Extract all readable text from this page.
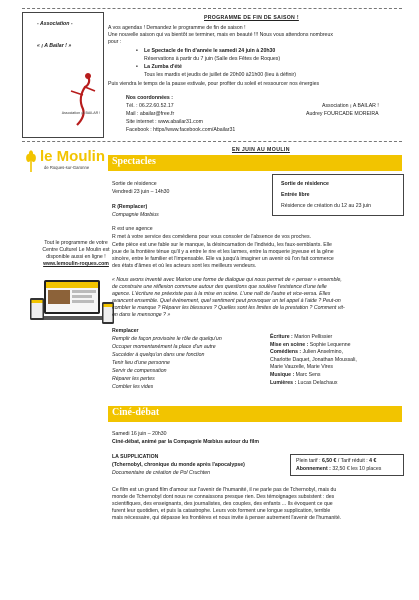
- Association -
« ¡ A Bailar ! »
Association ¡A BAILAR !
PROGRAMME DE FIN DE SAISON !
A vos agendas ! Demandez le programme de fin de saison !
Une nouvelle saison qui va bientôt se terminer, mais en beauté !!! Nous vous attendons nombreux
pour :
• Le Spectacle de fin d'année le samedi 24 juin à 20h30
Réservations à partir du 7 juin (Salle des Fêtes de Roques)
• La Zumba d'été
Tous les mardis et jeudis de juillet de 20h00 à21h00 (lieu à définir)
Puis viendra le temps de la pause estivale, pour profiter du soleil et ressourcer nos énergies
Nos coordonnées :
Tél. : 06.22.60.52.17
Mail : abailar@free.fr
Site internet : www.abailar31.com
Facebook : https//www.facebook.com/Abailar31
Association ¡ A BAILAR !
Audrey FOURCADE MOREIRA
le Moulin
de Roques-sur-Garonne
Tout le programme de votre
Centre Culturel Le Moulin est
disponible aussi en ligne !
www.lemoulin-roques.com
EN JUIN AU MOULIN
Spectacles
Sortie de résidence
Vendredi 23 juin – 14h30
R (Remplacer)
Compagnie Mœbius
Sortie de résidence
Entrée libre
Résidence de création du 12 au 23 juin
R est une agence
R met à votre service des comédiens pour vous consoler de l'absence de vos proches.
Cette pièce est une fable sur le manque, la désincarnation de l'individu, les faux-semblants. Elle
joue de la frontière ténue qu'il y a entre le rire et les larmes, entre la moquerie joyeuse et la gêne
sincère, entre le familier et l'impensable. Elle va jusqu'à imaginer un avenir où l'on fait commerce
des états d'âmes et où les acteurs sont les meilleurs vendeurs.
« Nous avons inventé avec Marion une forme de dialogue qui nous permet de « penser » ensemble,
de construire une réflexion commune autour des questions que soulève l'existence d'une telle
agence. L'écriture ne préexiste pas à la mise en scène. L'une naît de l'autre et vice-versa. Elles
avancent ensemble. Quel événement, quel sentiment peut provoquer un tel appel à l'aide ? Peut-on
combler le manque ? Réparer les blessures ? Quelles sont les limites de la prestation ? Comment vit-
on dans le mensonge ? »
Remplacer
Remplir de façon provisoire le rôle de quelqu'un
Occuper momentanément la place d'un autre
Succéder à quelqu'un dans une fonction
Tenir lieu d'une personne
Servir de compensation
Réparer les pertes
Combler les vides
Écriture : Marion Pellissier
Mise en scène : Sophie Lequenne
Comédiens : Julien Anselmino,
Charlotte Daquet, Jonathan Moussali,
Marie Vauzelle, Marie Vires
Musique : Marc Sens
Lumières : Lucas Delachaux
Ciné-débat
Samedi 16 juin – 20h30
Ciné-débat, animé par la Compagnie Mœbius autour du film
LA SUPPLICATION
(Tchernobyl, chronique du monde après l'apocalypse)
Documentaire de création de Pol Cruchten
Plein tarif : 6,50 € / Tarif réduit : 4 €
Abonnement : 32,50 € les 10 places
Ce film est un grand film d'amour sur l'avenir de l'humanité, il ne parle pas de Tchernobyl, mais du
monde de Tchernobyl dont nous ne connaissons presque rien. Des témoignages subsistent : des
scientifiques, des enseignants, des journalistes, des couples, des enfants ... Ils évoquent ce que
furent leur quotidien, et puis la catastrophe. Leurs voix forment une longue supplication, terrible
mais nécessaire, qui dépasse les frontières et nous invite à penser autrement l'avenir de l'humanité.
